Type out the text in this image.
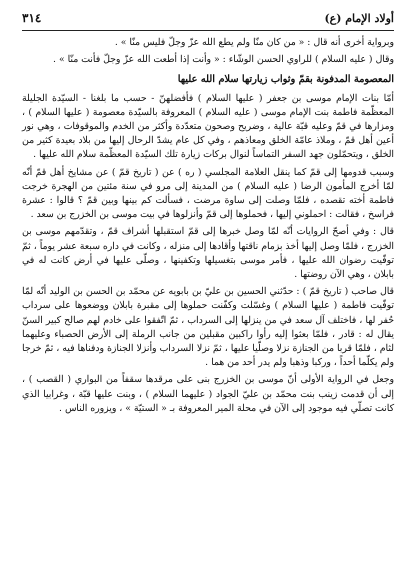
٣١٤	أولاد الإمام (ع)

وبرواية أخرى أنه قال : « من كان منّا ولم يطع الله عزّ وجلّ فليس منّا » .

وقال ( عليه السلام ) للراوي الحسن الوشّاء : « وأنت إذا أطعت الله عزّ وجلّ فأنت منّا » .

المعصومة المدفونة بقمّ وثواب زيارتها سلام الله عليها

أمّا بنات الإمام موسى بن جعفر ( عليها السلام ) فأفضلهنّ - حسب ما بلغنا - السيّدة الجليلة المعظّمة فاطمة بنت الإمام موسى ( عليه السلام ) المعروفة بالسيّدة معصومة ( عليها السلام ) ، ومزارها في قمّ وعليه قبّة عالية ، وضريح وصحون متعدّدة وأكثر من الخدم والموقوفات ، وهي نور أعين أهل قمّ ، وملاذ عامّة الخلق ومعاذهم ، وفي كل عام يشدّ الرحال إليها من بلاد بعيدة كثير من الخلق ، ويتحمّلون جهد السفر التماساً لنوال بركات زيارة تلك السيّدة المعظّمة سلام الله عليها .

وسبب قدومها إلى قمّ كما ينقل العلامة المجلسي ( ره ) عن ( تاريخ قمّ ) عن مشايخ أهل قمّ أنّه لمّا أخرج المأمون الرضا ( عليه السلام ) من المدينة إلى مرو في سنة مئتين من الهجرة خرجت فاطمة أخته تقصده ، فلمّا وصلت إلى ساوة مرضت ، فسألت كم بينها وبين قمّ ؟ قالوا : عشرة فراسخ ، فقالت : احملوني إليها ، فحملوها إلى قمّ وأنزلوها في بيت موسى بن الخزرج بن سعد .

قال : وفي أصحّ الروايات أنّه لمّا وصل خبرها إلى قمّ استقبلها أشراف قمّ ، وتقدّمهم موسى بن الخزرج ، فلمّا وصل إليها أخذ بزمام ناقتها وأقادها إلى منزله ، وكانت في داره سبعة عشر يوماً ، ثمّ توفّيت رضوان الله عليها ، فأمر موسى بتغسيلها وتكفينها ، وصلّى عليها في أرض كانت له في بابلان ، وهي الآن روضتها .

قال صاحب ( تاريخ قمّ ) : حدّثني الحسين بن عليّ بن بابويه عن محمّد بن الحسن بن الوليد أنّه لمّا توفّيت فاطمة ( عليها السلام ) وغسّلت وكفّنت حملوها إلى مقبرة بابلان ووضعوها على سرداب حُفر لها ، فاختلف آل سعد في من ينزلها إلى السرداب ، ثمّ اتّفقوا على خادم لهم صالح كبير السنّ يقال له : قادر ، فلمّا بعثوا إليه رأوا راكبين مقبلين من جانب الرملة إلى الأرض الحصباء وعليهما لثام ، فلمّا قربا من الجنازة نزلا وصلّيا عليها ، ثمّ نزلا السرداب وأنزلا الجنازة ودفناها فيه ، ثمّ خرجا ولم يكلّما أحداً ، وركبا وذهبا ولم يدر أحد من هما .

وجعل في الرواية الأولى أنّ موسى بن الخزرج بنى على مرقدها سقفاً من البواري ( القصب ) ، إلى أن قدمت زينب بنت محمّد بن عليّ الجواد ( عليهما السلام ) ، وبنت عليها قبّة ، وغرابيا الذي كانت تصلّي فيه موجود إلى الآن في محلة المير المعروفة بـ « الستيّة » ، ويزوره الناس .
